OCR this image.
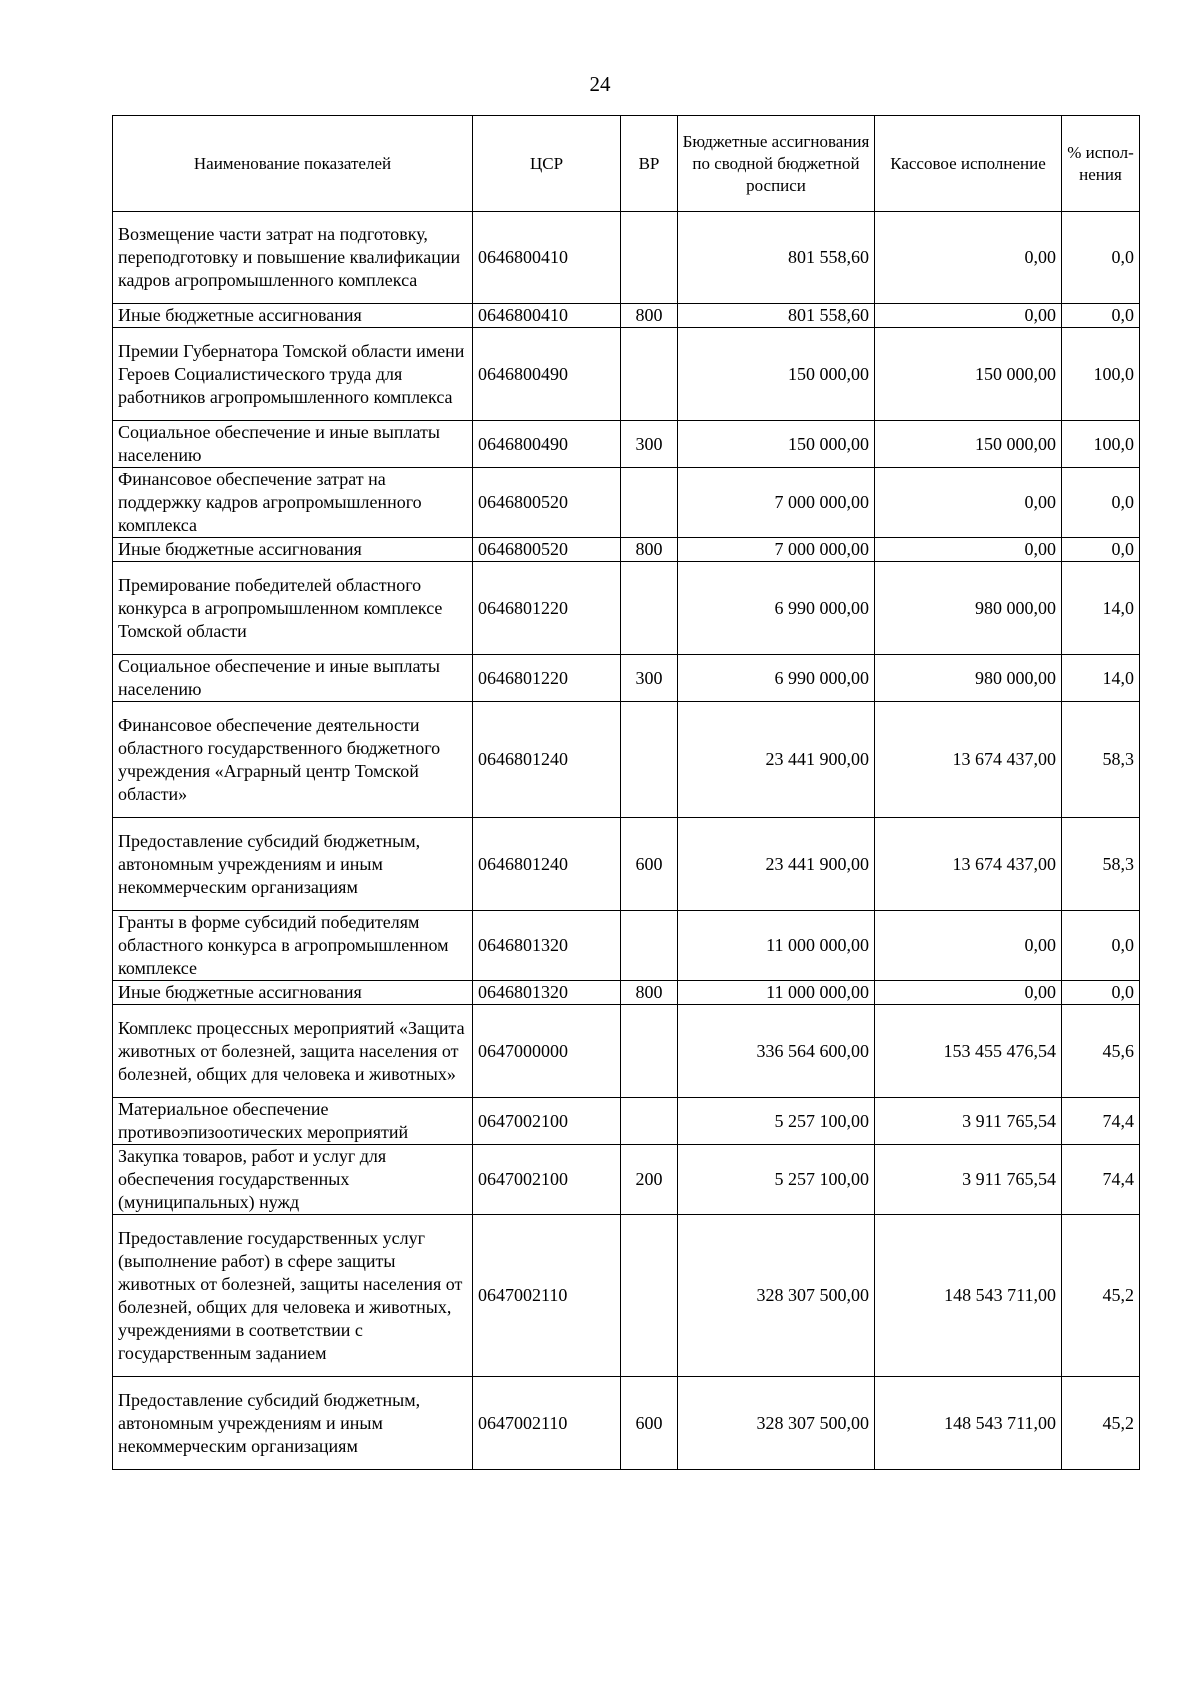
24
Наименование показателей	ЦСР	ВР	Бюджетные ассигнования по сводной бюджетной росписи	Кассовое исполнение	% испол-нения
Возмещение части затрат на подготовку, переподготовку и повышение квалификации кадров агропромышленного комплекса	0646800410		801 558,60	0,00	0,0
Иные бюджетные ассигнования	0646800410	800	801 558,60	0,00	0,0
Премии Губернатора Томской области имени Героев Социалистического труда для работников агропромышленного комплекса	0646800490		150 000,00	150 000,00	100,0
Социальное обеспечение и иные выплаты населению	0646800490	300	150 000,00	150 000,00	100,0
Финансовое обеспечение затрат на поддержку кадров агропромышленного комплекса	0646800520		7 000 000,00	0,00	0,0
Иные бюджетные ассигнования	0646800520	800	7 000 000,00	0,00	0,0
Премирование победителей областного конкурса в агропромышленном комплексе Томской области	0646801220		6 990 000,00	980 000,00	14,0
Социальное обеспечение и иные выплаты населению	0646801220	300	6 990 000,00	980 000,00	14,0
Финансовое обеспечение деятельности областного государственного бюджетного учреждения «Аграрный центр Томской области»	0646801240		23 441 900,00	13 674 437,00	58,3
Предоставление субсидий бюджетным, автономным учреждениям и иным некоммерческим организациям	0646801240	600	23 441 900,00	13 674 437,00	58,3
Гранты в форме субсидий победителям областного конкурса в агропромышленном комплексе	0646801320		11 000 000,00	0,00	0,0
Иные бюджетные ассигнования	0646801320	800	11 000 000,00	0,00	0,0
Комплекс процессных мероприятий «Защита животных от болезней, защита населения от болезней, общих для человека и животных»	0647000000		336 564 600,00	153 455 476,54	45,6
Материальное обеспечение противоэпизоотических мероприятий	0647002100		5 257 100,00	3 911 765,54	74,4
Закупка товаров, работ и услуг для обеспечения государственных (муниципальных) нужд	0647002100	200	5 257 100,00	3 911 765,54	74,4
Предоставление государственных услуг (выполнение работ) в сфере защиты животных от болезней, защиты населения от болезней, общих для человека и животных, учреждениями в соответствии с государственным заданием	0647002110		328 307 500,00	148 543 711,00	45,2
Предоставление субсидий бюджетным, автономным учреждениям и иным некоммерческим организациям	0647002110	600	328 307 500,00	148 543 711,00	45,2
